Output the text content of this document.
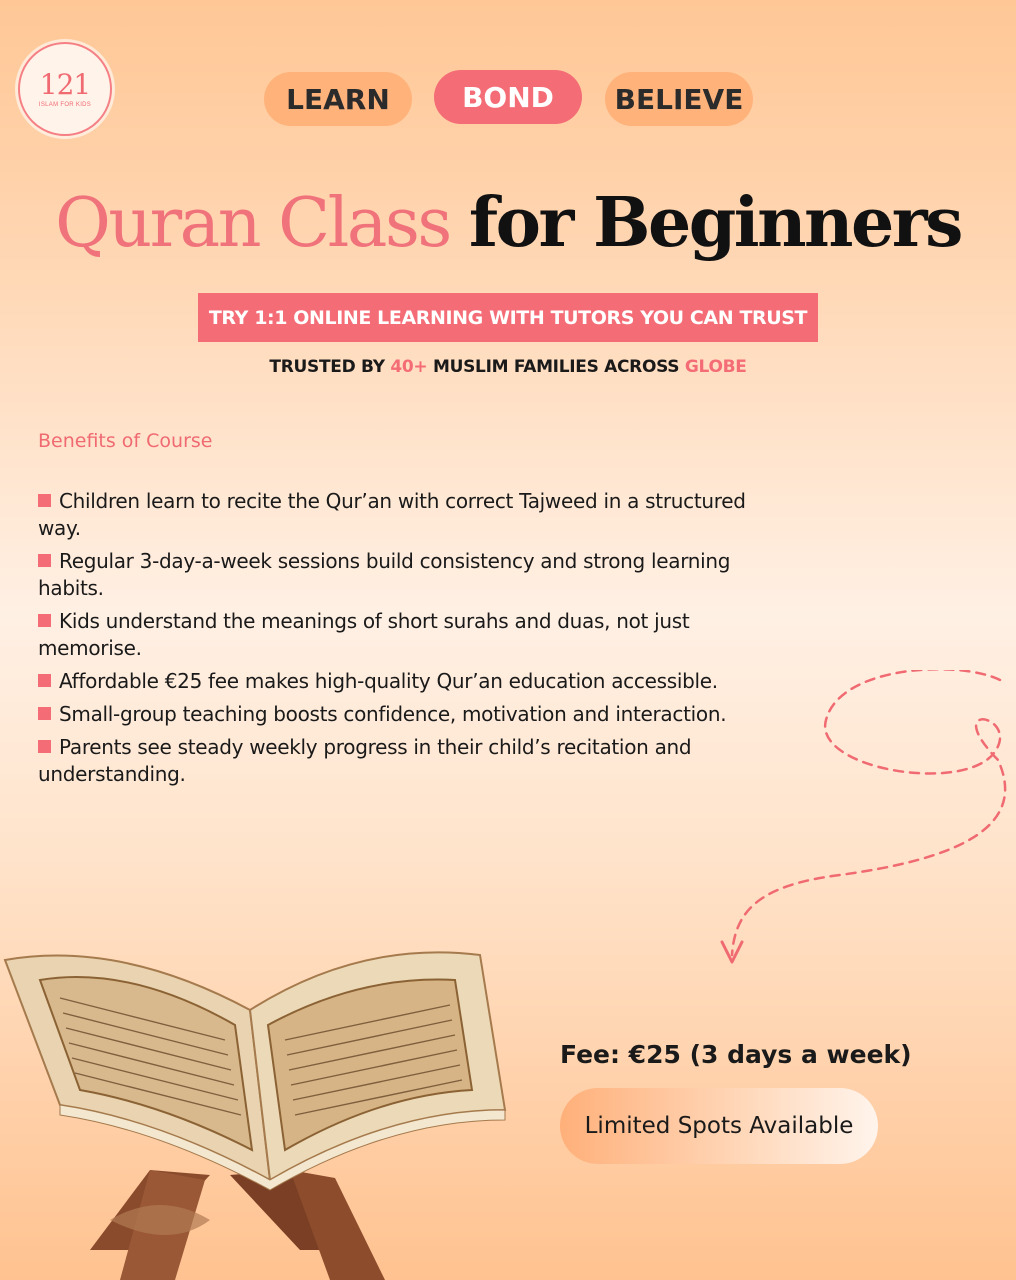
121
ISLAM FOR KIDS	LEARN	BOND	BELIEVE
Quran Class for Beginners
TRY 1:1 ONLINE LEARNING WITH TUTORS YOU CAN TRUST
TRUSTED BY 40+ MUSLIM FAMILIES ACROSS GLOBE
Benefits of Course
Children learn to recite the Qur’an with correct Tajweed in a structured way.
Regular 3-day-a-week sessions build consistency and strong learning habits.
Kids understand the meanings of short surahs and duas, not just memorise.
Affordable €25 fee makes high-quality Qur’an education accessible.
Small-group teaching boosts confidence, motivation and interaction.
Parents see steady weekly progress in their child’s recitation and understanding.
Fee: €25 (3 days a week)
Limited Spots Available
